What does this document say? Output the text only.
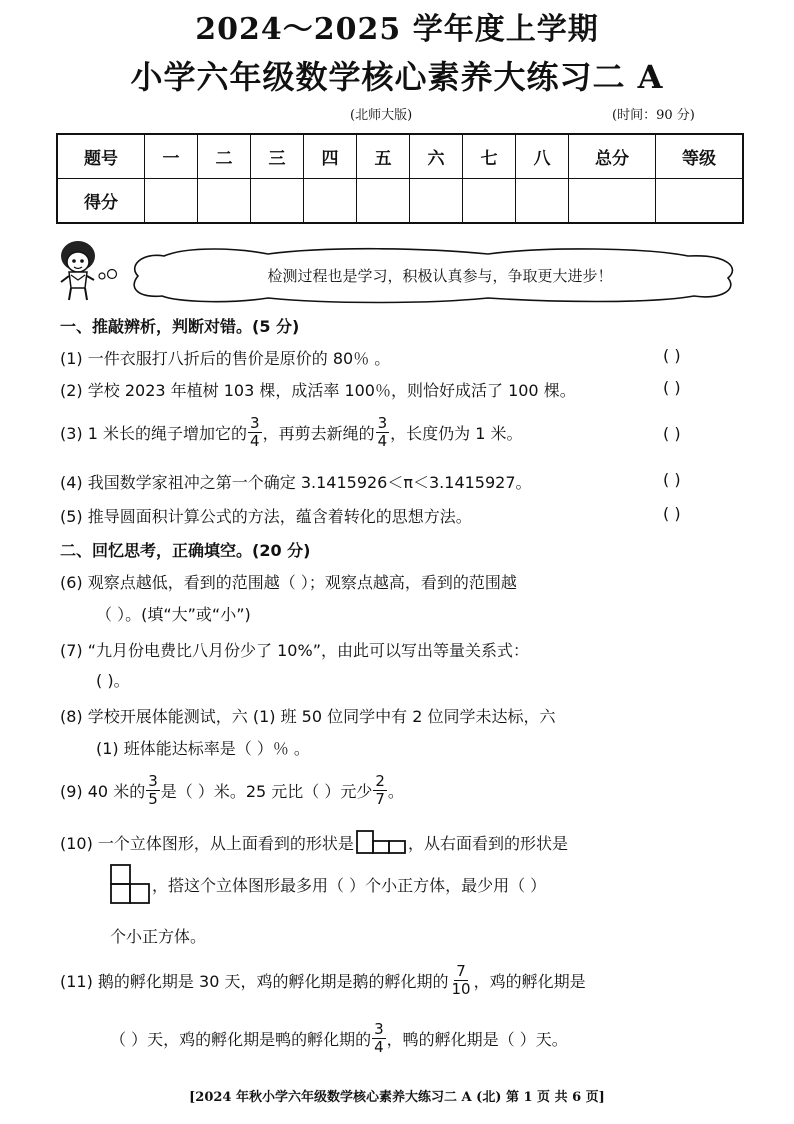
2024～2025 学年度上学期
小学六年级数学核心素养大练习二 A
(北师大版)	(时间：90 分)
题号	一	二	三	四	五	六	七	八	总分	等级
得分										
检测过程也是学习，积极认真参与，争取更大进步！
一、推敲辨析，判断对错。(5 分)
(1) 一件衣服打八折后的售价是原价的 80％ 。	( )
(2) 学校 2023 年植树 103 棵，成活率 100％，则恰好成活了 100 棵。	( )
(3) 1 米长的绳子增加它的 $\frac{3}{4}$ ，再剪去新绳的 $\frac{3}{4}$ ，长度仍为 1 米。	( )
(4) 我国数学家祖冲之第一个确定 3.1415926＜π＜3.1415927。	( )
(5) 推导圆面积计算公式的方法，蕴含着转化的思想方法。	( )
二、回忆思考，正确填空。(20 分)
(6) 观察点越低，看到的范围越（ ）；观察点越高，看到的范围越
（ ）。(填“大”或“小”)
(7) “九月份电费比八月份少了 10%”，由此可以写出等量关系式：
( )。
(8) 学校开展体能测试，六 (1) 班 50 位同学中有 2 位同学未达标，六
(1) 班体能达标率是（ ）％ 。
(9) 40 米的 $\frac{3}{5}$ 是（ ）米。25 元比（ ）元少 $\frac{2}{7}$ 。
(10) 一个立体图形，从上面看到的形状是	，从右面看到的形状是
，搭这个立体图形最多用（ ）个小正方体，最少用（ ）
个小正方体。
(11) 鹅的孵化期是 30 天，鸡的孵化期是鹅的孵化期的 $\frac{7}{10}$ ，鸡的孵化期是
（ ）天，鸡的孵化期是鸭的孵化期的 $\frac{3}{4}$ ，鸭的孵化期是（ ）天。
[2024 年秋小学六年级数学核心素养大练习二 A (北) 第 1 页 共 6 页]
